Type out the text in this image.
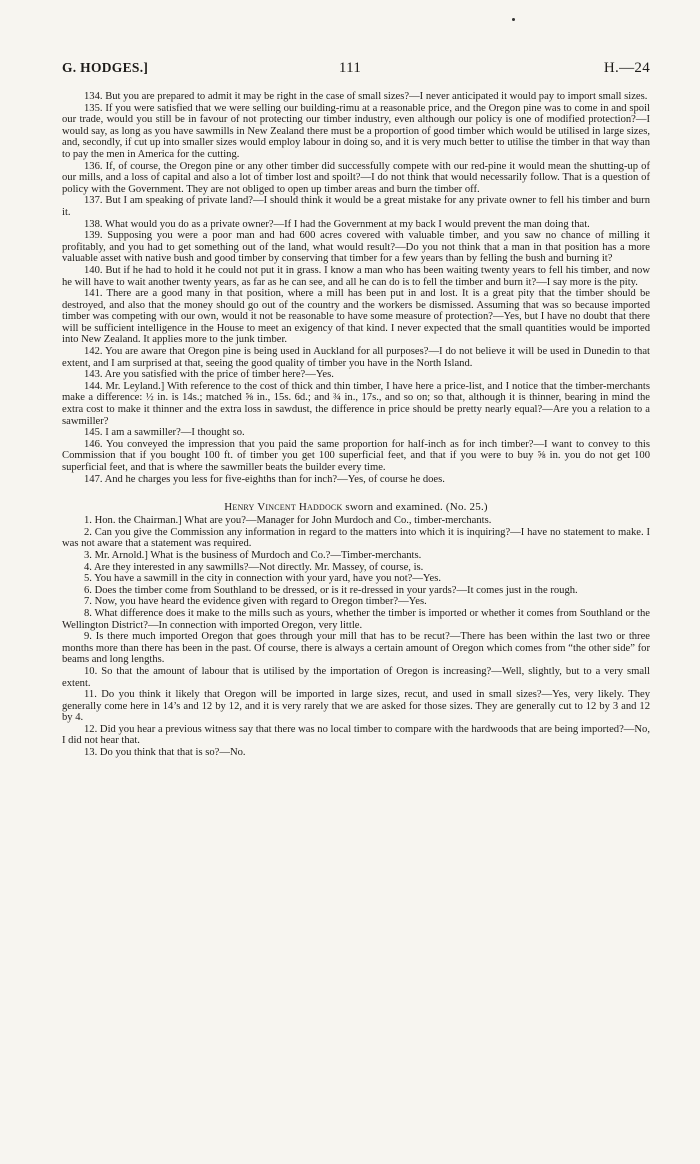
G. HODGES.]	111	H.—24

134. But you are prepared to admit it may be right in the case of small sizes?—I never anticipated it would pay to import small sizes.

135. If you were satisfied that we were selling our building-rimu at a reasonable price, and the Oregon pine was to come in and spoil our trade, would you still be in favour of not protecting our timber industry, even although our policy is one of modified protection?—I would say, as long as you have sawmills in New Zealand there must be a proportion of good timber which would be utilised in large sizes, and, secondly, if cut up into smaller sizes would employ labour in doing so, and it is very much better to utilise the timber in that way than to pay the men in America for the cutting.

136. If, of course, the Oregon pine or any other timber did successfully compete with our red-pine it would mean the shutting-up of our mills, and a loss of capital and also a lot of timber lost and spoilt?—I do not think that would necessarily follow. That is a question of policy with the Government. They are not obliged to open up timber areas and burn the timber off.

137. But I am speaking of private land?—I should think it would be a great mistake for any private owner to fell his timber and burn it.

138. What would you do as a private owner?—If I had the Government at my back I would prevent the man doing that.

139. Supposing you were a poor man and had 600 acres covered with valuable timber, and you saw no chance of milling it profitably, and you had to get something out of the land, what would result?—Do you not think that a man in that position has a more valuable asset with native bush and good timber by conserving that timber for a few years than by felling the bush and burning it?

140. But if he had to hold it he could not put it in grass. I know a man who has been waiting twenty years to fell his timber, and now he will have to wait another twenty years, as far as he can see, and all he can do is to fell the timber and burn it?—I say more is the pity.

141. There are a good many in that position, where a mill has been put in and lost. It is a great pity that the timber should be destroyed, and also that the money should go out of the country and the workers be dismissed. Assuming that was so because imported timber was competing with our own, would it not be reasonable to have some measure of protection?—Yes, but I have no doubt that there will be sufficient intelligence in the House to meet an exigency of that kind. I never expected that the small quantities would be imported into New Zealand. It applies more to the junk timber.

142. You are aware that Oregon pine is being used in Auckland for all purposes?—I do not believe it will be used in Dunedin to that extent, and I am surprised at that, seeing the good quality of timber you have in the North Island.

143. Are you satisfied with the price of timber here?—Yes.

144. Mr. Leyland.] With reference to the cost of thick and thin timber, I have here a price-list, and I notice that the timber-merchants make a difference: ½ in. is 14s.; matched ⅝ in., 15s. 6d.; and ¾ in., 17s., and so on; so that, although it is thinner, bearing in mind the extra cost to make it thinner and the extra loss in sawdust, the difference in price should be pretty nearly equal?—Are you a relation to a sawmiller?

145. I am a sawmiller?—I thought so.

146. You conveyed the impression that you paid the same proportion for half-inch as for inch timber?—I want to convey to this Commission that if you bought 100 ft. of timber you get 100 superficial feet, and that if you were to buy ⅝ in. you do not get 100 superficial feet, and that is where the sawmiller beats the builder every time.

147. And he charges you less for five-eighths than for inch?—Yes, of course he does.

Henry Vincent Haddock sworn and examined. (No. 25.)

1. Hon. the Chairman.] What are you?—Manager for John Murdoch and Co., timber-merchants.

2. Can you give the Commission any information in regard to the matters into which it is inquiring?—I have no statement to make. I was not aware that a statement was required.

3. Mr. Arnold.] What is the business of Murdoch and Co.?—Timber-merchants.

4. Are they interested in any sawmills?—Not directly. Mr. Massey, of course, is.

5. You have a sawmill in the city in connection with your yard, have you not?—Yes.

6. Does the timber come from Southland to be dressed, or is it re-dressed in your yards?—It comes just in the rough.

7. Now, you have heard the evidence given with regard to Oregon timber?—Yes.

8. What difference does it make to the mills such as yours, whether the timber is imported or whether it comes from Southland or the Wellington District?—In connection with imported Oregon, very little.

9. Is there much imported Oregon that goes through your mill that has to be recut?—There has been within the last two or three months more than there has been in the past. Of course, there is always a certain amount of Oregon which comes from “the other side” for beams and long lengths.

10. So that the amount of labour that is utilised by the importation of Oregon is increasing?—Well, slightly, but to a very small extent.

11. Do you think it likely that Oregon will be imported in large sizes, recut, and used in small sizes?—Yes, very likely. They generally come here in 14’s and 12 by 12, and it is very rarely that we are asked for those sizes. They are generally cut to 12 by 3 and 12 by 4.

12. Did you hear a previous witness say that there was no local timber to compare with the hardwoods that are being imported?—No, I did not hear that.

13. Do you think that that is so?—No.
